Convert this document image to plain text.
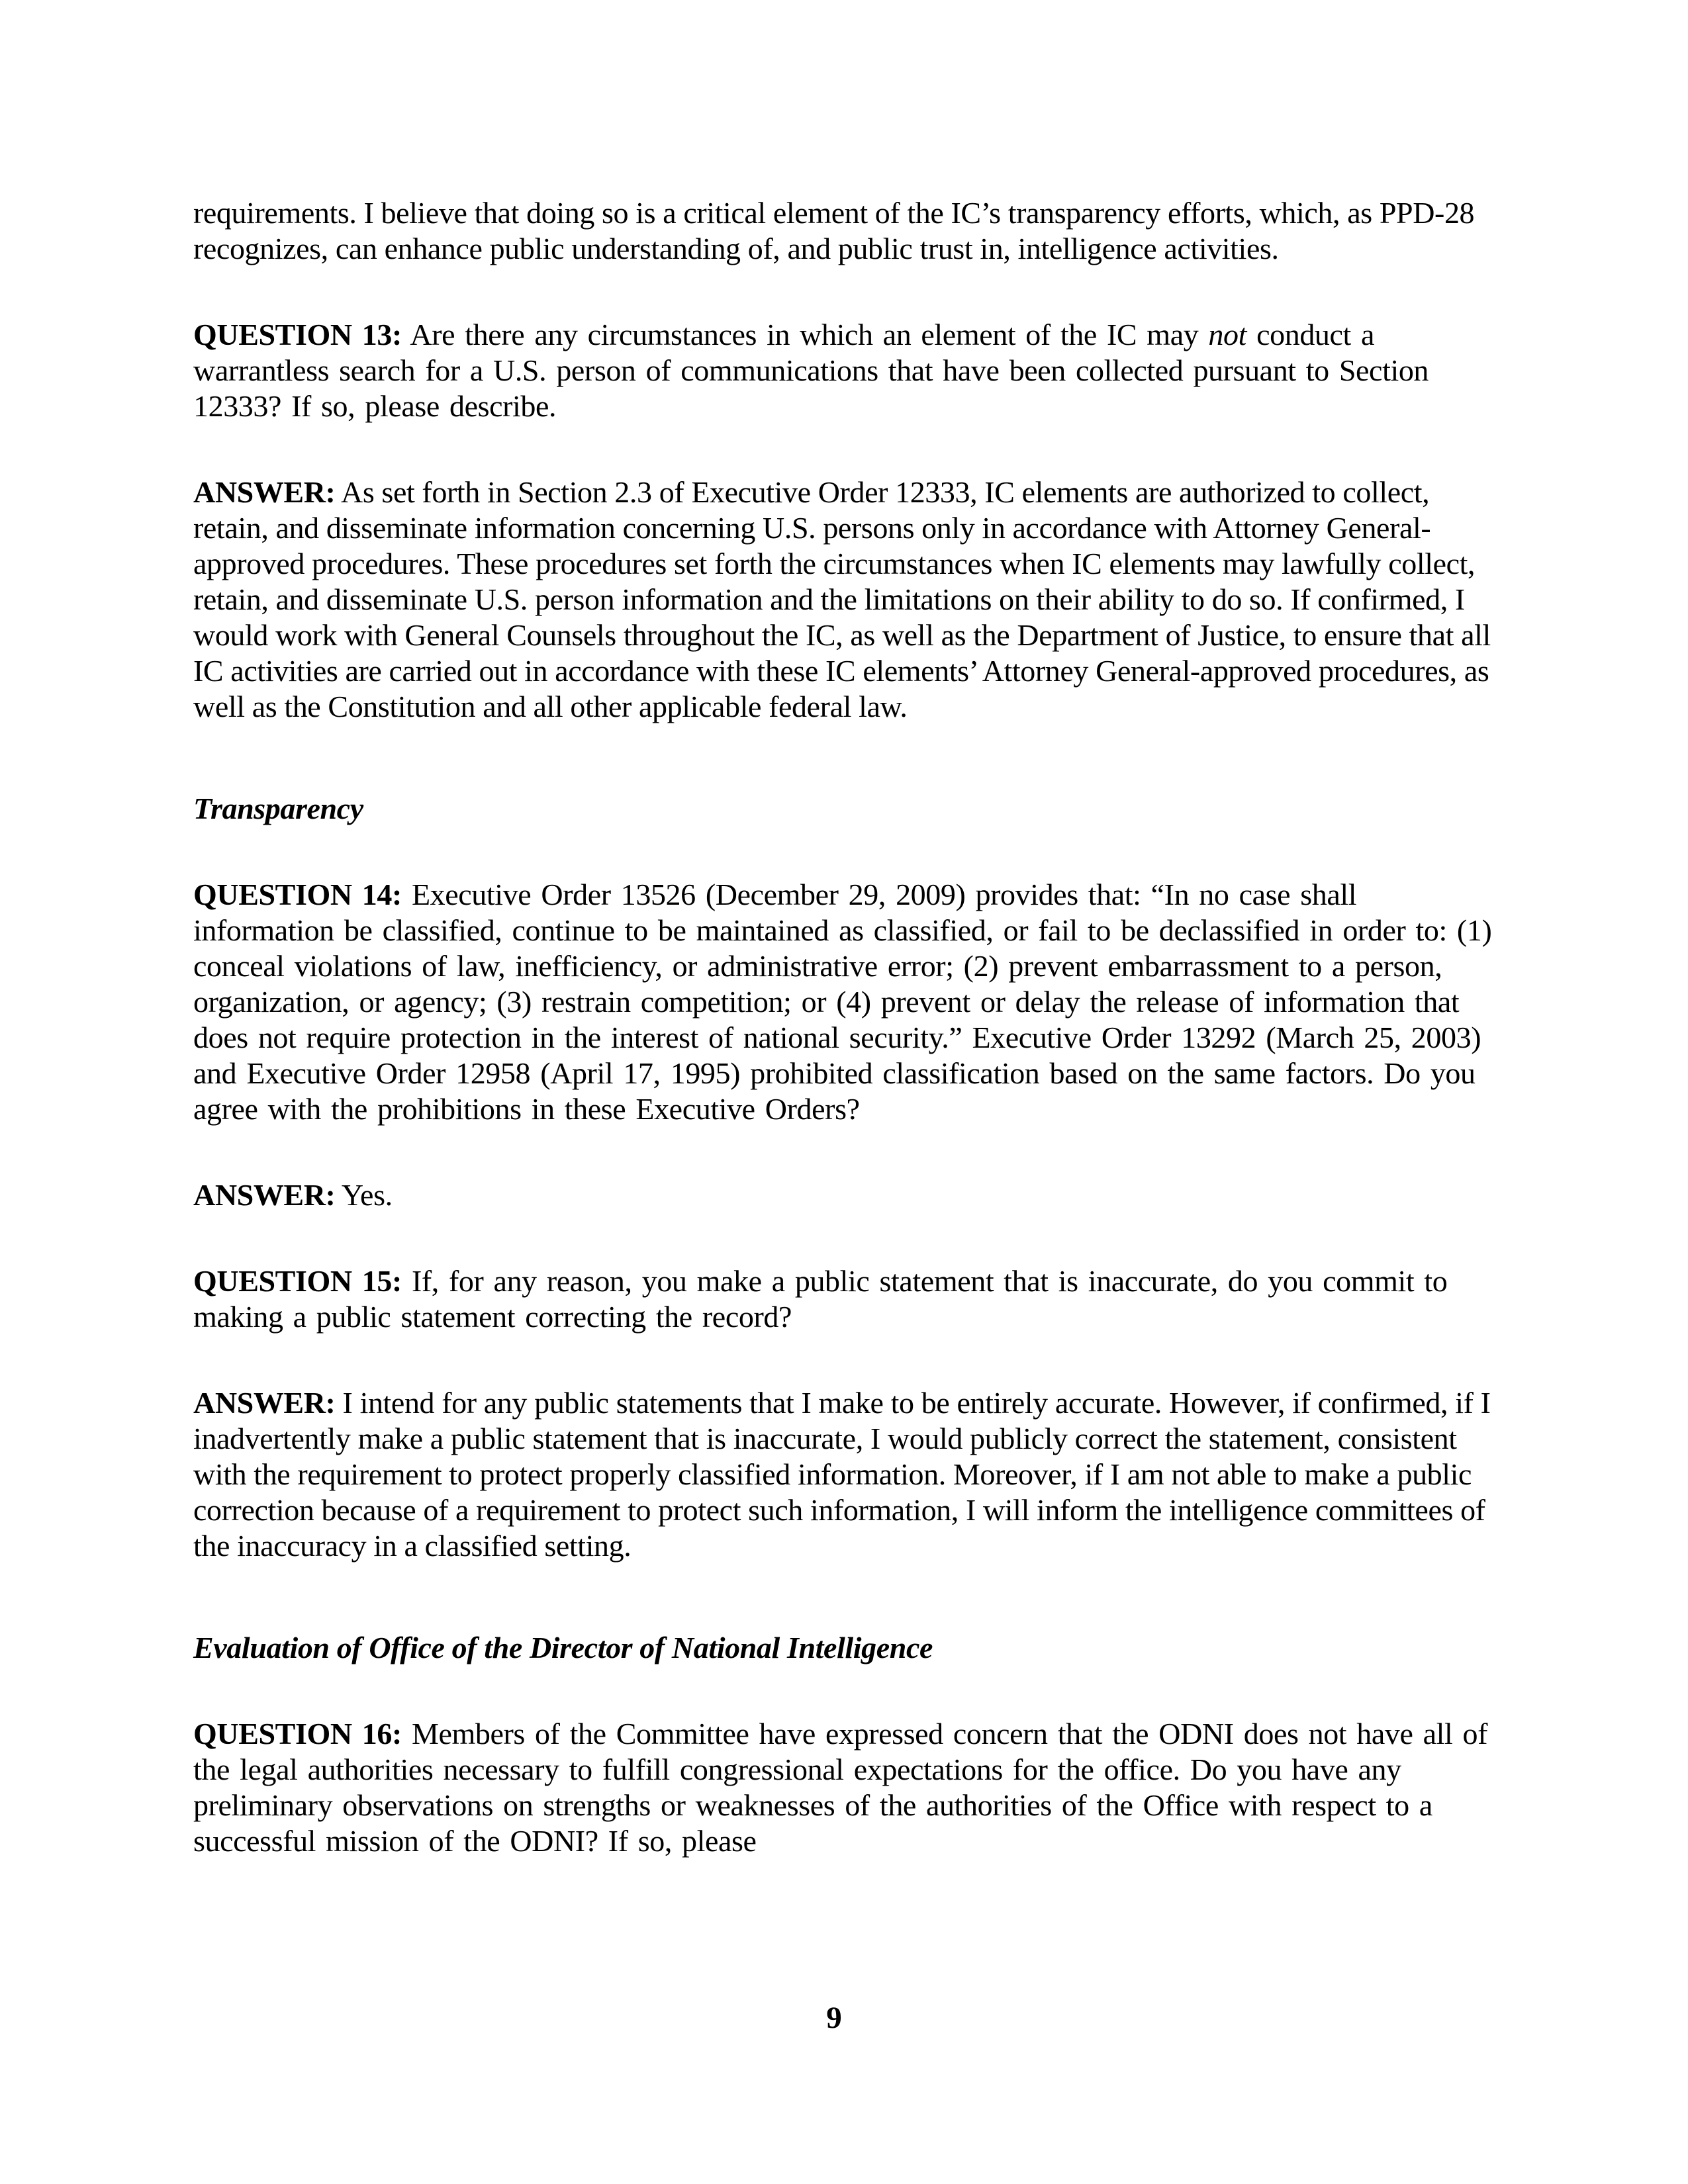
requirements. I believe that doing so is a critical element of the IC’s transparency efforts, which, as PPD-28 recognizes, can enhance public understanding of, and public trust in, intelligence activities.

QUESTION 13: Are there any circumstances in which an element of the IC may not conduct a warrantless search for a U.S. person of communications that have been collected pursuant to Section 12333? If so, please describe.

ANSWER: As set forth in Section 2.3 of Executive Order 12333, IC elements are authorized to collect, retain, and disseminate information concerning U.S. persons only in accordance with Attorney General-approved procedures. These procedures set forth the circumstances when IC elements may lawfully collect, retain, and disseminate U.S. person information and the limitations on their ability to do so. If confirmed, I would work with General Counsels throughout the IC, as well as the Department of Justice, to ensure that all IC activities are carried out in accordance with these IC elements’ Attorney General-approved procedures, as well as the Constitution and all other applicable federal law.

Transparency

QUESTION 14: Executive Order 13526 (December 29, 2009) provides that: “In no case shall information be classified, continue to be maintained as classified, or fail to be declassified in order to: (1) conceal violations of law, inefficiency, or administrative error; (2) prevent embarrassment to a person, organization, or agency; (3) restrain competition; or (4) prevent or delay the release of information that does not require protection in the interest of national security.” Executive Order 13292 (March 25, 2003) and Executive Order 12958 (April 17, 1995) prohibited classification based on the same factors. Do you agree with the prohibitions in these Executive Orders?

ANSWER: Yes.

QUESTION 15: If, for any reason, you make a public statement that is inaccurate, do you commit to making a public statement correcting the record?

ANSWER: I intend for any public statements that I make to be entirely accurate. However, if confirmed, if I inadvertently make a public statement that is inaccurate, I would publicly correct the statement, consistent with the requirement to protect properly classified information. Moreover, if I am not able to make a public correction because of a requirement to protect such information, I will inform the intelligence committees of the inaccuracy in a classified setting.

Evaluation of Office of the Director of National Intelligence

QUESTION 16: Members of the Committee have expressed concern that the ODNI does not have all of the legal authorities necessary to fulfill congressional expectations for the office. Do you have any preliminary observations on strengths or weaknesses of the authorities of the Office with respect to a successful mission of the ODNI? If so, please

9
